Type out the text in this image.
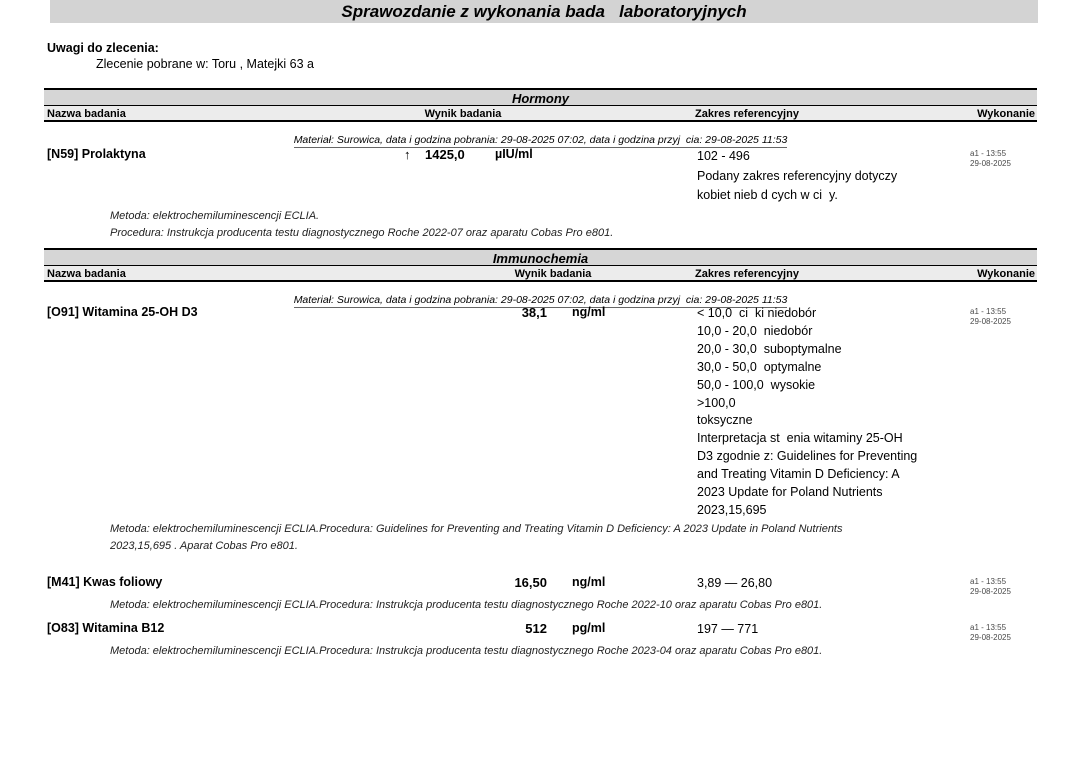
Sprawozdanie z wykonania bada   laboratoryjnych
Uwagi do zlecenia:
Zlecenie pobrane w: Toru , Matejki 63 a
Hormony
Nazwa badania	Wynik badania	Zakres referencyjny	Wykonanie
Materiał: Surowica, data i godzina pobrania: 29-08-2025 07:02, data i godzina przyj  cia: 29-08-2025 11:53
[N59] Prolaktyna	↑ 1425,0 µIU/ml	102 - 496
Podany zakres referencyjny dotyczy
kobiet nieb d cych w ci  y.
a1 - 13:55
29-08-2025
Metoda: elektrochemiluminescencji ECLIA.
Procedura: Instrukcja producenta testu diagnostycznego Roche 2022-07 oraz aparatu Cobas Pro e801.
Immunochemia
Nazwa badania	Wynik badania	Zakres referencyjny	Wykonanie
Materiał: Surowica, data i godzina pobrania: 29-08-2025 07:02, data i godzina przyj  cia: 29-08-2025 11:53
[O91] Witamina 25-OH D3	38,1 ng/ml	< 10,0  ci  ki niedobór
10,0 - 20,0  niedobór
20,0 - 30,0  suboptymalne
30,0 - 50,0  optymalne
50,0 - 100,0  wysokie
>100,0
toksyczne
Interpretacja st  enia witaminy 25-OH
D3 zgodnie z: Guidelines for Preventing
and Treating Vitamin D Deficiency: A
2023 Update for Poland Nutrients
2023,15,695
a1 - 13:55
29-08-2025
Metoda: elektrochemiluminescencji ECLIA.Procedura: Guidelines for Preventing and Treating Vitamin D Deficiency: A 2023 Update in Poland Nutrients
2023,15,695 . Aparat Cobas Pro e801.
[M41] Kwas foliowy	16,50 ng/ml	3,89 — 26,80	a1 - 13:55
29-08-2025
Metoda: elektrochemiluminescencji ECLIA.Procedura: Instrukcja producenta testu diagnostycznego Roche 2022-10 oraz aparatu Cobas Pro e801.
[O83] Witamina B12	512 pg/ml	197 — 771	a1 - 13:55
29-08-2025
Metoda: elektrochemiluminescencji ECLIA.Procedura: Instrukcja producenta testu diagnostycznego Roche 2023-04 oraz aparatu Cobas Pro e801.
